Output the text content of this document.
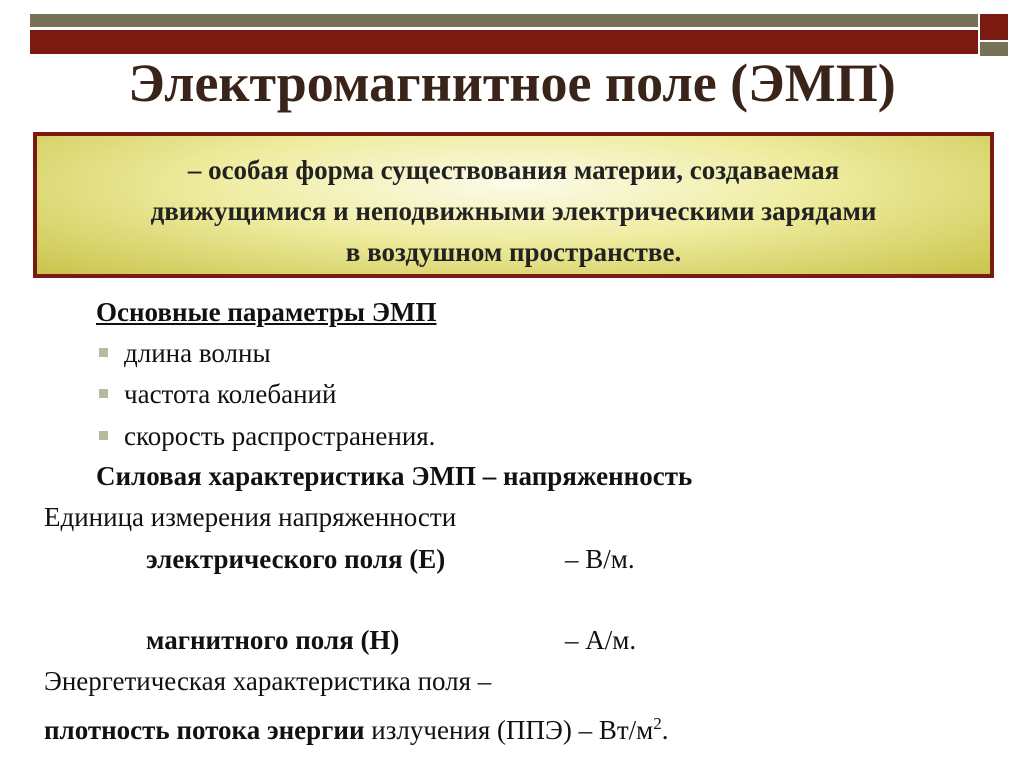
Электромагнитное поле (ЭМП)
– особая форма существования материи, создаваемая
движущимися и неподвижными электрическими зарядами
в воздушном пространстве.
Основные параметры ЭМП
длина волны
частота колебаний
скорость распространения.
Силовая характеристика ЭМП – напряженность
Единица измерения напряженности
электрического поля (Е)	– В/м.
магнитного поля (Н)	– А/м.
Энергетическая характеристика поля –
плотность потока энергии излучения $(ППЭ) - Вт/м^2$.
